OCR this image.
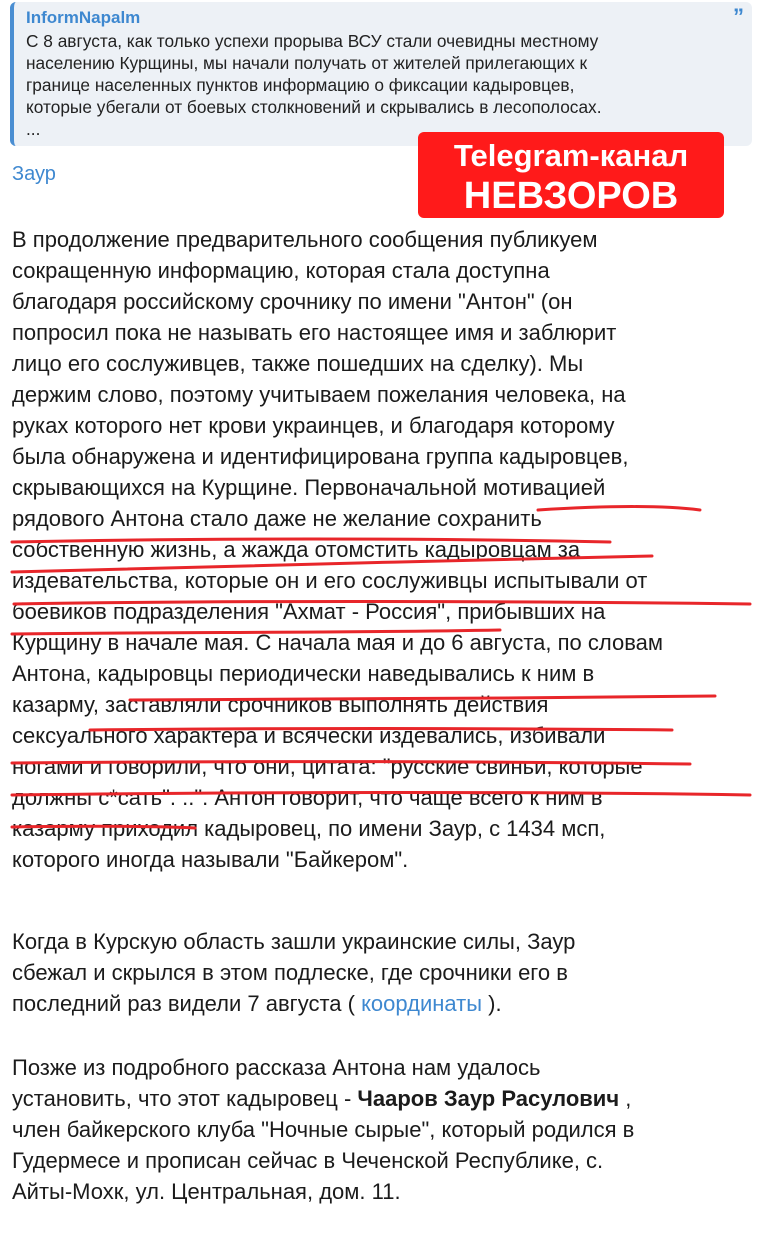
InformNapalm
С 8 августа, как только успехи прорыва ВСУ стали очевидны местному
населению Курщины, мы начали получать от жителей прилегающих к
границе населенных пунктов информацию о фиксации кадыровцев,
которые убегали от боевых столкновений и скрывались в лесополосах.
...
”
Заур
Telegram-канал
НЕВЗОРОВ
В продолжение предварительного сообщения публикуем
сокращенную информацию, которая стала доступна
благодаря российскому срочнику по имени "Антон" (он
попросил пока не называть его настоящее имя и заблюрит
лицо его сослуживцев, также пошедших на сделку). Мы
держим слово, поэтому учитываем пожелания человека, на
руках которого нет крови украинцев, и благодаря которому
была обнаружена и идентифицирована группа кадыровцев,
скрывающихся на Курщине. Первоначальной мотивацией
рядового Антона стало даже не желание сохранить
собственную жизнь, а жажда отомстить кадыровцам за
издевательства, которые он и его сослуживцы испытывали от
боевиков подразделения "Ахмат - Россия", прибывших на
Курщину в начале мая. С начала мая и до 6 августа, по словам
Антона, кадыровцы периодически наведывались к ним в
казарму, заставляли срочников выполнять действия
сексуального характера и всячески издевались, избивали
ногами и говорили, что они, цитата: "русские свиньи, которые
должны с*сать". ..". Антон говорит, что чаще всего к ним в
казарму приходил кадыровец, по имени Заур, с 1434 мсп,
которого иногда называли "Байкером".
Когда в Курскую область зашли украинские силы, Заур
сбежал и скрылся в этом подлеске, где срочники его в
последний раз видели 7 августа ( координаты ).
Позже из подробного рассказа Антона нам удалось
установить, что этот кадыровец - Чааров Заур Расулович ,
член байкерского клуба "Ночные сырые", который родился в
Гудермесе и прописан сейчас в Чеченской Республике, с.
Айты-Мохк, ул. Центральная, дом. 11.
